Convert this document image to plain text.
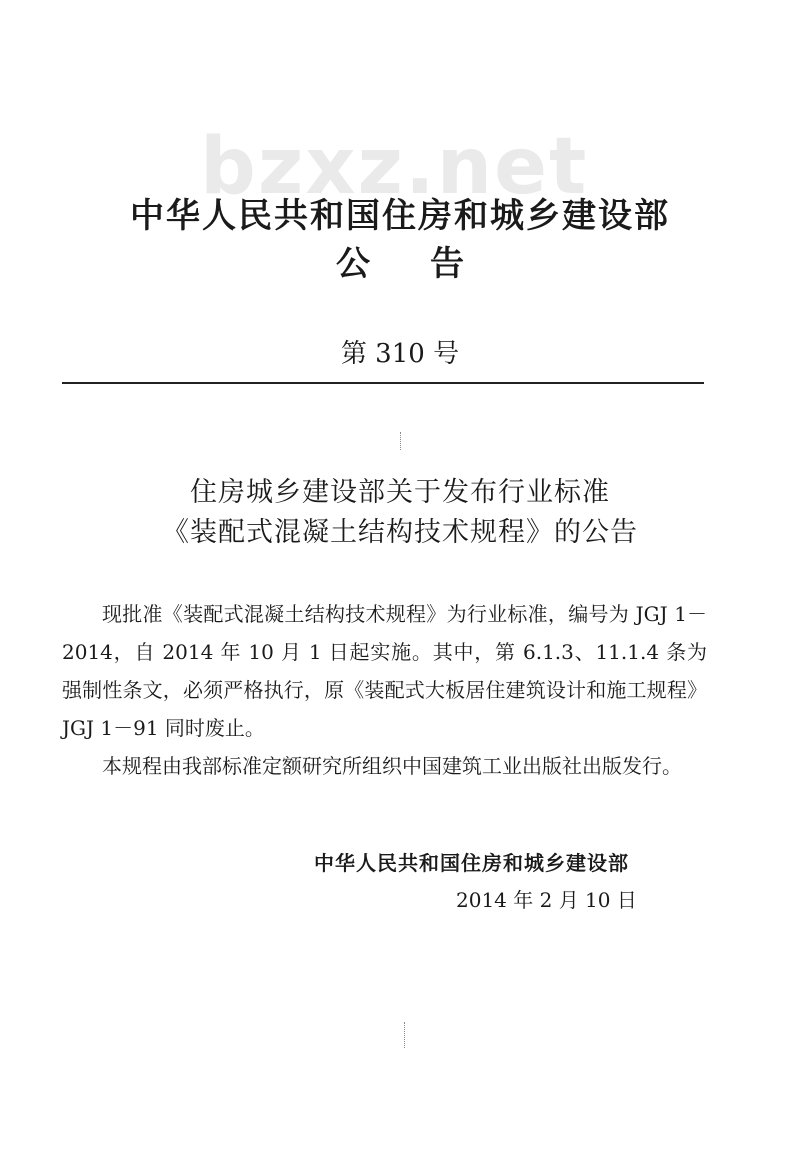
bzxz.net
中华人民共和国住房和城乡建设部
公告
第 310 号
住房城乡建设部关于发布行业标准
《装配式混凝土结构技术规程》的公告

现批准《装配式混凝土结构技术规程》为行业标准，编号为 JGJ 1－2014，自 2014 年 10 月 1 日起实施。其中，第 6.1.3、11.1.4 条为强制性条文，必须严格执行，原《装配式大板居住建筑设计和施工规程》JGJ 1－91 同时废止。

本规程由我部标准定额研究所组织中国建筑工业出版社出版发行。

中华人民共和国住房和城乡建设部
2014 年 2 月 10 日
